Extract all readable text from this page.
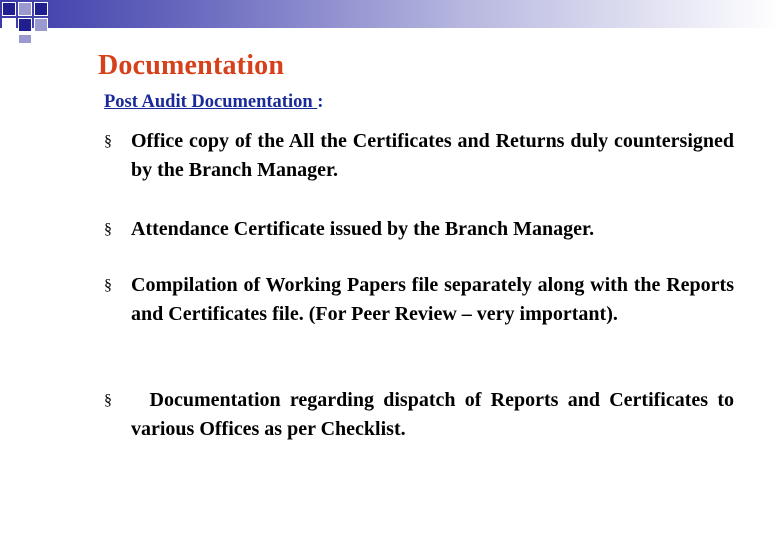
Documentation
Post Audit Documentation :
§ Office copy of the All the Certificates and Returns duly countersigned by the Branch Manager.
§ Attendance Certificate issued by the Branch Manager.
§ Compilation of Working Papers file separately along with the Reports and Certificates file. (For Peer Review – very important).
§ Documentation regarding dispatch of Reports and Certificates to various Offices as per Checklist.
